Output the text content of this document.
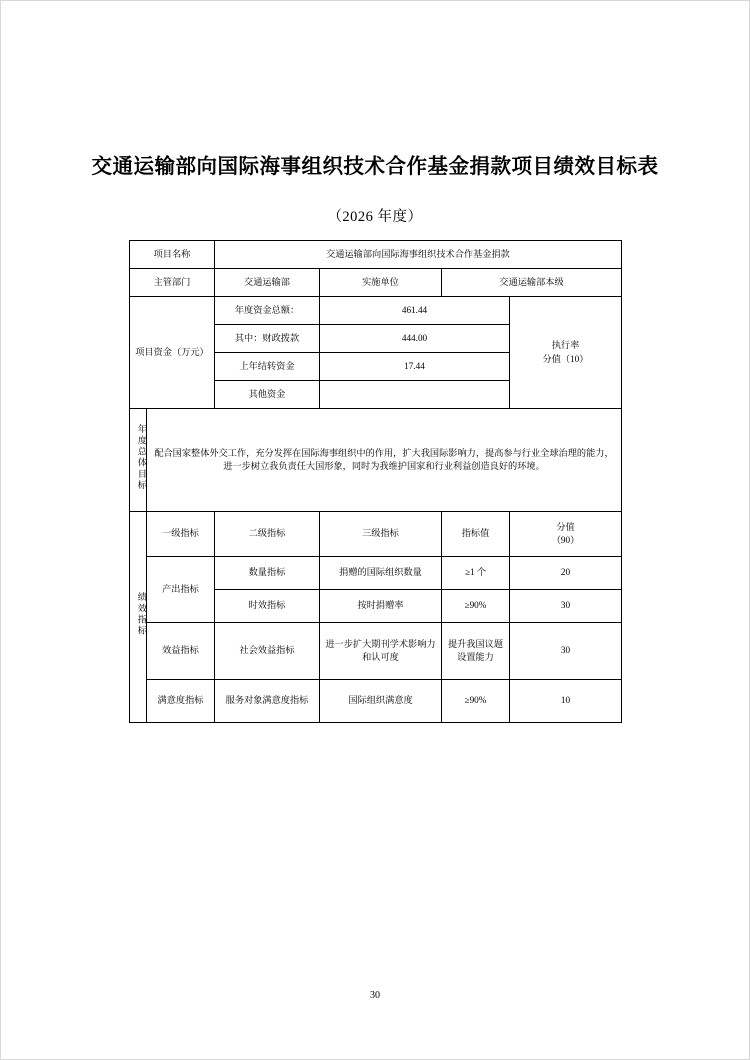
交通运输部向国际海事组织技术合作基金捐款项目绩效目标表
（2026 年度）
项目名称		交通运输部向国际海事组织技术合作基金捐款			
主管部门		交通运输部	实施单位	交通运输部本级	
项目资金（万元）		年度资金总额：	461.44		执行率
分值（10）

		其中：财政拨款	444.00		
		上年结转资金	17.44		
		其他资金			
年度总体目标	配合国家整体外交工作，充分发挥在国际海事组织中的作用，扩大我国际影响力，提高参与行业全球治理的能力，进一步树立我负责任大国形象，同时为我维护国家和行业利益创造良好的环境。				
绩效指标	一级指标	二级指标	三级指标	指标值	分值
（90）

	产出指标	数量指标	捐赠的国际组织数量	≥1 个	20
		时效指标	按时捐赠率	≥90%	30
	效益指标	社会效益指标	进一步扩大期刊学术影响力和认可度	提升我国议题设置能力	30
	满意度指标	服务对象满意度指标	国际组织满意度	≥90%	10
30
